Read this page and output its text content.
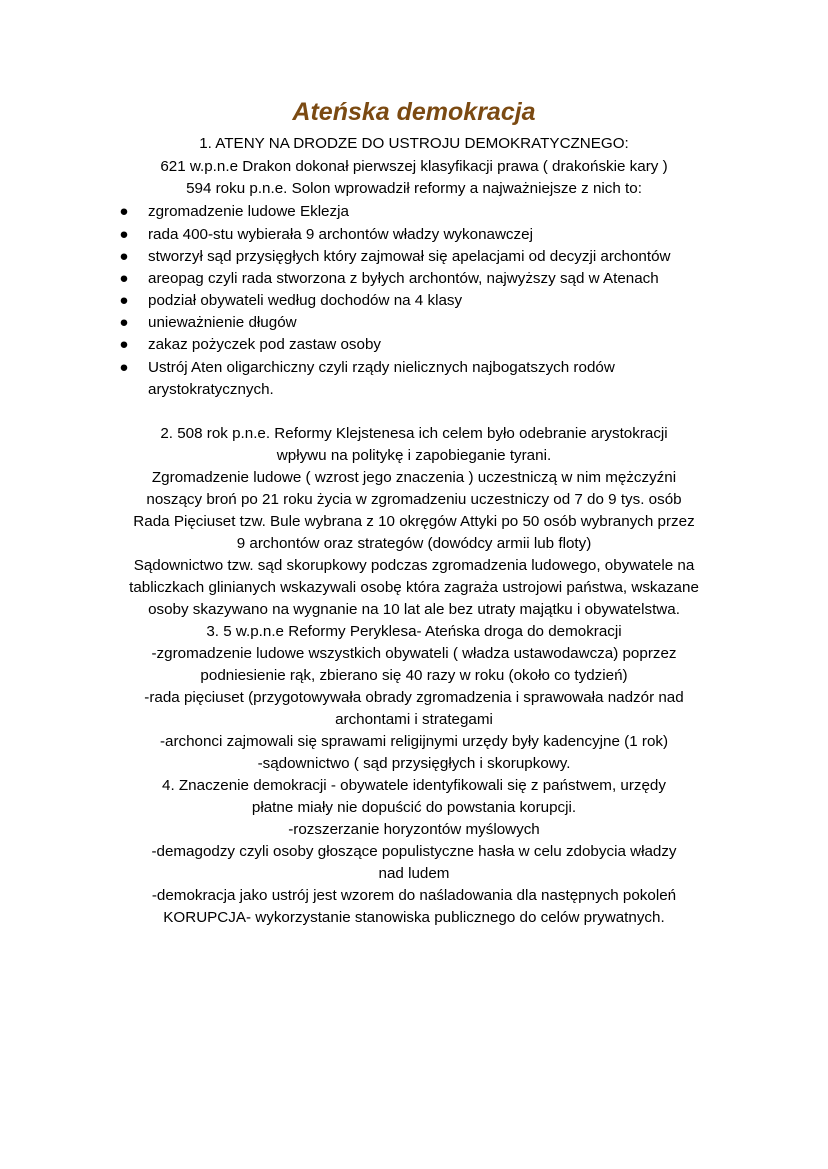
Ateńska demokracja

1. ATENY NA DRODZE DO USTROJU DEMOKRATYCZNEGO:

621 w.p.n.e Drakon dokonał pierwszej klasyfikacji prawa ( drakońskie kary )

594 roku p.n.e. Solon wprowadził reformy a najważniejsze z nich to:

● zgromadzenie ludowe Eklezja
● rada 400-stu wybierała 9 archontów władzy wykonawczej
● stworzył sąd przysięgłych który zajmował się apelacjami od decyzji archontów
● areopag czyli rada stworzona z byłych archontów, najwyższy sąd w Atenach
● podział obywateli według dochodów na 4 klasy
● unieważnienie długów
● zakaz pożyczek pod zastaw osoby
● Ustrój Aten oligarchiczny czyli rządy nielicznych najbogatszych rodów

arystokratycznych.

2. 508 rok p.n.e. Reformy Klejstenesa ich celem było odebranie arystokracji

wpływu na politykę i zapobieganie tyrani.

Zgromadzenie ludowe ( wzrost jego znaczenia ) uczestniczą w nim mężczyźni

noszący broń po 21 roku życia w zgromadzeniu uczestniczy od 7 do 9 tys. osób

Rada Pięciuset tzw. Bule wybrana z 10 okręgów Attyki po 50 osób wybranych przez

9 archontów oraz strategów (dowódcy armii lub floty)

Sądownictwo tzw. sąd skorupkowy podczas zgromadzenia ludowego, obywatele na

tabliczkach glinianych wskazywali osobę która zagraża ustrojowi państwa, wskazane

osoby skazywano na wygnanie na 10 lat ale bez utraty majątku i obywatelstwa.

3. 5 w.p.n.e Reformy Peryklesa- Ateńska droga do demokracji

-zgromadzenie ludowe wszystkich obywateli ( władza ustawodawcza) poprzez

podniesienie rąk, zbierano się 40 razy w roku (około co tydzień)

-rada pięciuset (przygotowywała obrady zgromadzenia i sprawowała nadzór nad

archontami i strategami

-archonci zajmowali się sprawami religijnymi urzędy były kadencyjne (1 rok)

-sądownictwo ( sąd przysięgłych i skorupkowy.

4. Znaczenie demokracji - obywatele identyfikowali się z państwem, urzędy

płatne miały nie dopuścić do powstania korupcji.

-rozszerzanie horyzontów myślowych

-demagodzy czyli osoby głoszące populistyczne hasła w celu zdobycia władzy

nad ludem

-demokracja jako ustrój jest wzorem do naśladowania dla następnych pokoleń

KORUPCJA- wykorzystanie stanowiska publicznego do celów prywatnych.
